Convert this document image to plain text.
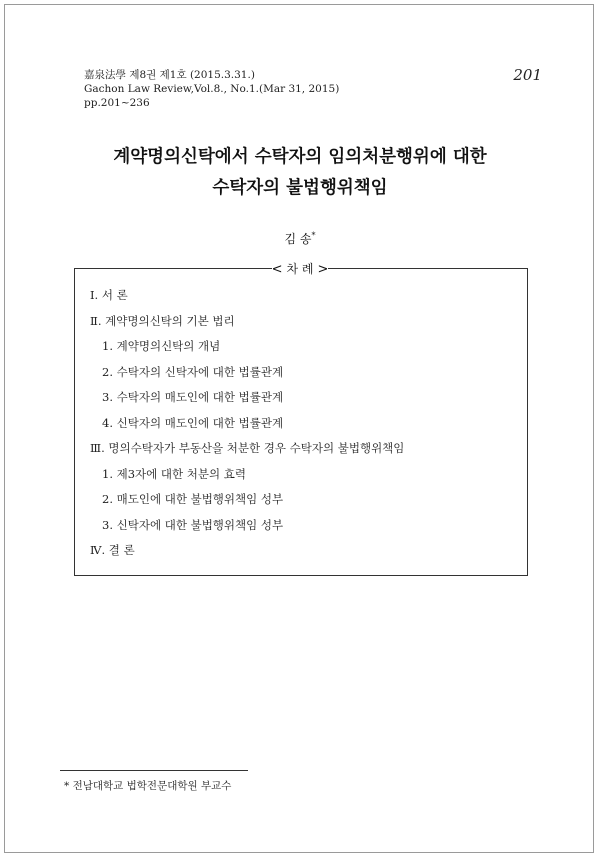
嘉泉法學 제8권 제1호 (2015.3.31.)
Gachon Law Review,Vol.8., No.1.(Mar 31, 2015)
pp.201~236
201
계약명의신탁에서 수탁자의 임의처분행위에 대한
수탁자의 불법행위책임
김 송*
< 차 례 >
Ⅰ. 서 론
Ⅱ. 계약명의신탁의 기본 법리
1. 계약명의신탁의 개념
2. 수탁자의 신탁자에 대한 법률관계
3. 수탁자의 매도인에 대한 법률관계
4. 신탁자의 매도인에 대한 법률관계
Ⅲ. 명의수탁자가 부동산을 처분한 경우 수탁자의 불법행위책임
1. 제3자에 대한 처분의 효력
2. 매도인에 대한 불법행위책임 성부
3. 신탁자에 대한 불법행위책임 성부
Ⅳ. 결 론
* 전남대학교 법학전문대학원 부교수
